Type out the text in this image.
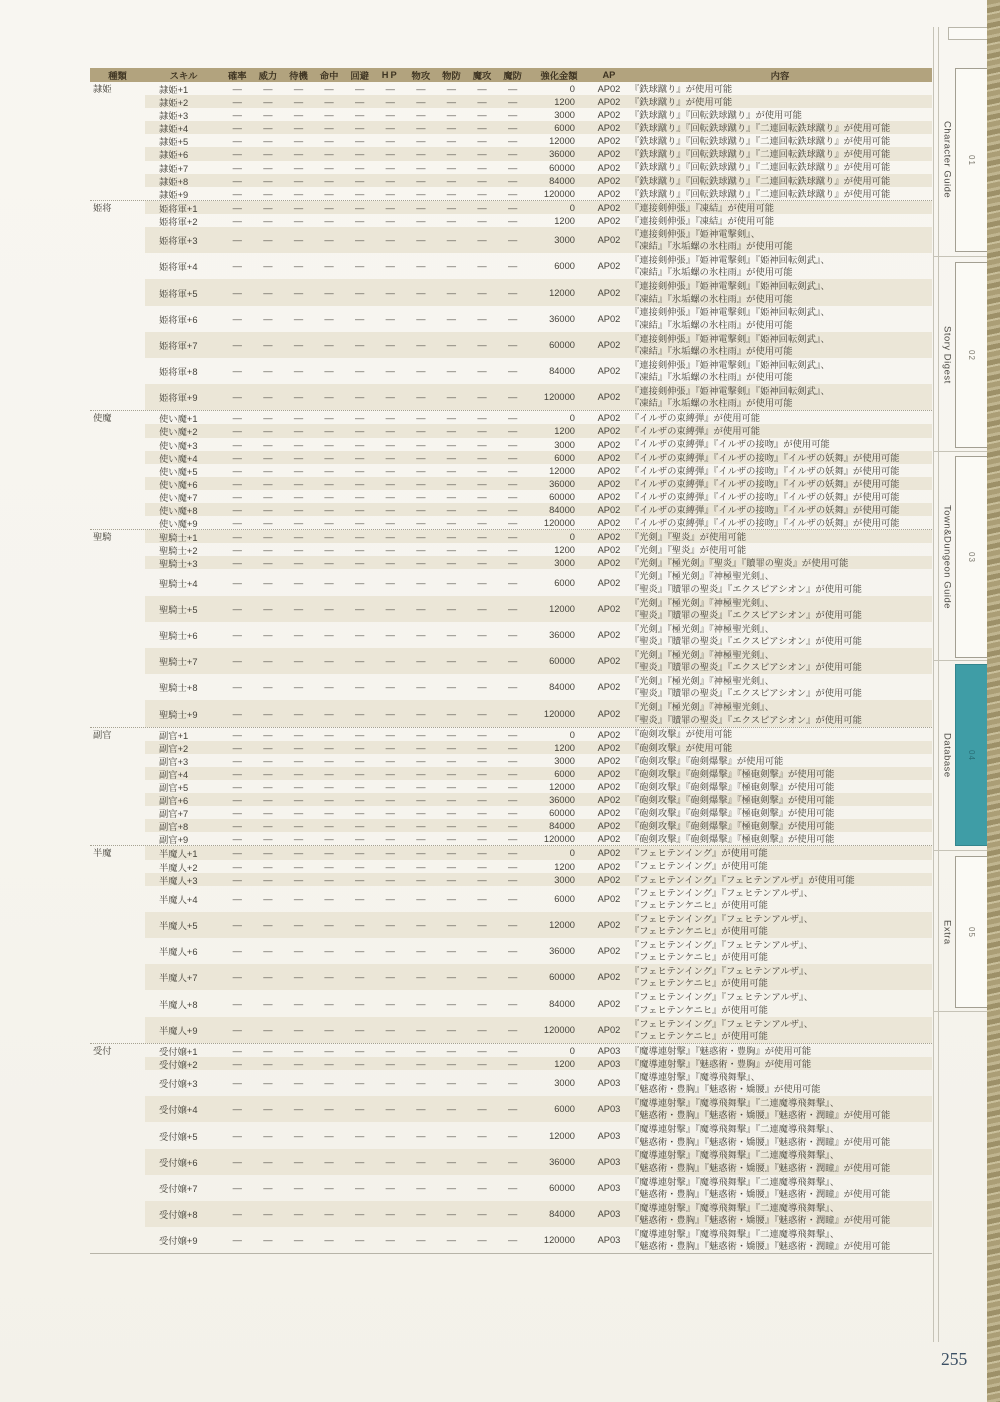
種類	スキル	確率	威力	待機	命中	回避	HP	物攻	物防	魔攻	魔防	強化金額	AP	内容
隷姫	隷姫+1	—	—	—	—	—	—	—	—	—	—	0	AP02	『鉄球蹴り』が使用可能
隷姫+2	—	—	—	—	—	—	—	—	—	—	1200	AP02	『鉄球蹴り』が使用可能
隷姫+3	—	—	—	—	—	—	—	—	—	—	3000	AP02	『鉄球蹴り』『回転鉄球蹴り』が使用可能
隷姫+4	—	—	—	—	—	—	—	—	—	—	6000	AP02	『鉄球蹴り』『回転鉄球蹴り』『二連回転鉄球蹴り』が使用可能
隷姫+5	—	—	—	—	—	—	—	—	—	—	12000	AP02	『鉄球蹴り』『回転鉄球蹴り』『二連回転鉄球蹴り』が使用可能
隷姫+6	—	—	—	—	—	—	—	—	—	—	36000	AP02	『鉄球蹴り』『回転鉄球蹴り』『二連回転鉄球蹴り』が使用可能
隷姫+7	—	—	—	—	—	—	—	—	—	—	60000	AP02	『鉄球蹴り』『回転鉄球蹴り』『二連回転鉄球蹴り』が使用可能
隷姫+8	—	—	—	—	—	—	—	—	—	—	84000	AP02	『鉄球蹴り』『回転鉄球蹴り』『二連回転鉄球蹴り』が使用可能
隷姫+9	—	—	—	—	—	—	—	—	—	—	120000	AP02	『鉄球蹴り』『回転鉄球蹴り』『二連回転鉄球蹴り』が使用可能
姫将	姫将軍+1	—	—	—	—	—	—	—	—	—	—	0	AP02	『連接剣伸張』『凍結』が使用可能
姫将軍+2	—	—	—	—	—	—	—	—	—	—	1200	AP02	『連接剣伸張』『凍結』が使用可能
姫将軍+3	—	—	—	—	—	—	—	—	—	—	3000	AP02
『連接剣伸張』『姫神電撃剣』、
『凍結』『氷垢螺の氷柱雨』が使用可能
姫将軍+4	—	—	—	—	—	—	—	—	—	—	6000	AP02
『連接剣伸張』『姫神電撃剣』『姫神回転剣武』、
『凍結』『氷垢螺の氷柱雨』が使用可能
姫将軍+5	—	—	—	—	—	—	—	—	—	—	12000	AP02
『連接剣伸張』『姫神電撃剣』『姫神回転剣武』、
『凍結』『氷垢螺の氷柱雨』が使用可能
姫将軍+6	—	—	—	—	—	—	—	—	—	—	36000	AP02
『連接剣伸張』『姫神電撃剣』『姫神回転剣武』、
『凍結』『氷垢螺の氷柱雨』が使用可能
姫将軍+7	—	—	—	—	—	—	—	—	—	—	60000	AP02
『連接剣伸張』『姫神電撃剣』『姫神回転剣武』、
『凍結』『氷垢螺の氷柱雨』が使用可能
姫将軍+8	—	—	—	—	—	—	—	—	—	—	84000	AP02
『連接剣伸張』『姫神電撃剣』『姫神回転剣武』、
『凍結』『氷垢螺の氷柱雨』が使用可能
姫将軍+9	—	—	—	—	—	—	—	—	—	—	120000	AP02
『連接剣伸張』『姫神電撃剣』『姫神回転剣武』、
『凍結』『氷垢螺の氷柱雨』が使用可能
使魔	使い魔+1	—	—	—	—	—	—	—	—	—	—	0	AP02	『イルザの束縛弾』が使用可能
使い魔+2	—	—	—	—	—	—	—	—	—	—	1200	AP02	『イルザの束縛弾』が使用可能
使い魔+3	—	—	—	—	—	—	—	—	—	—	3000	AP02	『イルザの束縛弾』『イルザの接吻』が使用可能
使い魔+4	—	—	—	—	—	—	—	—	—	—	6000	AP02	『イルザの束縛弾』『イルザの接吻』『イルザの妖舞』が使用可能
使い魔+5	—	—	—	—	—	—	—	—	—	—	12000	AP02	『イルザの束縛弾』『イルザの接吻』『イルザの妖舞』が使用可能
使い魔+6	—	—	—	—	—	—	—	—	—	—	36000	AP02	『イルザの束縛弾』『イルザの接吻』『イルザの妖舞』が使用可能
使い魔+7	—	—	—	—	—	—	—	—	—	—	60000	AP02	『イルザの束縛弾』『イルザの接吻』『イルザの妖舞』が使用可能
使い魔+8	—	—	—	—	—	—	—	—	—	—	84000	AP02	『イルザの束縛弾』『イルザの接吻』『イルザの妖舞』が使用可能
使い魔+9	—	—	—	—	—	—	—	—	—	—	120000	AP02	『イルザの束縛弾』『イルザの接吻』『イルザの妖舞』が使用可能
聖騎	聖騎士+1	—	—	—	—	—	—	—	—	—	—	0	AP02	『光剣』『聖炎』が使用可能
聖騎士+2	—	—	—	—	—	—	—	—	—	—	1200	AP02	『光剣』『聖炎』が使用可能
聖騎士+3	—	—	—	—	—	—	—	—	—	—	3000	AP02	『光剣』『極光剣』『聖炎』『贖罪の聖炎』が使用可能
聖騎士+4	—	—	—	—	—	—	—	—	—	—	6000	AP02
『光剣』『極光剣』『神極聖光剣』、
『聖炎』『贖罪の聖炎』『エクスピアシオン』が使用可能
聖騎士+5	—	—	—	—	—	—	—	—	—	—	12000	AP02
『光剣』『極光剣』『神極聖光剣』、
『聖炎』『贖罪の聖炎』『エクスピアシオン』が使用可能
聖騎士+6	—	—	—	—	—	—	—	—	—	—	36000	AP02
『光剣』『極光剣』『神極聖光剣』、
『聖炎』『贖罪の聖炎』『エクスピアシオン』が使用可能
聖騎士+7	—	—	—	—	—	—	—	—	—	—	60000	AP02
『光剣』『極光剣』『神極聖光剣』、
『聖炎』『贖罪の聖炎』『エクスピアシオン』が使用可能
聖騎士+8	—	—	—	—	—	—	—	—	—	—	84000	AP02
『光剣』『極光剣』『神極聖光剣』、
『聖炎』『贖罪の聖炎』『エクスピアシオン』が使用可能
聖騎士+9	—	—	—	—	—	—	—	—	—	—	120000	AP02
『光剣』『極光剣』『神極聖光剣』、
『聖炎』『贖罪の聖炎』『エクスピアシオン』が使用可能
副官	副官+1	—	—	—	—	—	—	—	—	—	—	0	AP02	『砲剣攻撃』が使用可能
副官+2	—	—	—	—	—	—	—	—	—	—	1200	AP02	『砲剣攻撃』が使用可能
副官+3	—	—	—	—	—	—	—	—	—	—	3000	AP02	『砲剣攻撃』『砲剣爆撃』が使用可能
副官+4	—	—	—	—	—	—	—	—	—	—	6000	AP02	『砲剣攻撃』『砲剣爆撃』『極砲剣撃』が使用可能
副官+5	—	—	—	—	—	—	—	—	—	—	12000	AP02	『砲剣攻撃』『砲剣爆撃』『極砲剣撃』が使用可能
副官+6	—	—	—	—	—	—	—	—	—	—	36000	AP02	『砲剣攻撃』『砲剣爆撃』『極砲剣撃』が使用可能
副官+7	—	—	—	—	—	—	—	—	—	—	60000	AP02	『砲剣攻撃』『砲剣爆撃』『極砲剣撃』が使用可能
副官+8	—	—	—	—	—	—	—	—	—	—	84000	AP02	『砲剣攻撃』『砲剣爆撃』『極砲剣撃』が使用可能
副官+9	—	—	—	—	—	—	—	—	—	—	120000	AP02	『砲剣攻撃』『砲剣爆撃』『極砲剣撃』が使用可能
半魔	半魔人+1	—	—	—	—	—	—	—	—	—	—	0	AP02	『フェヒテンイング』が使用可能
半魔人+2	—	—	—	—	—	—	—	—	—	—	1200	AP02	『フェヒテンイング』が使用可能
半魔人+3	—	—	—	—	—	—	—	—	—	—	3000	AP02	『フェヒテンイング』『フェヒテンアルザ』が使用可能
半魔人+4	—	—	—	—	—	—	—	—	—	—	6000	AP02
『フェヒテンイング』『フェヒテンアルザ』、
『フェヒテンケニヒ』が使用可能
半魔人+5	—	—	—	—	—	—	—	—	—	—	12000	AP02
『フェヒテンイング』『フェヒテンアルザ』、
『フェヒテンケニヒ』が使用可能
半魔人+6	—	—	—	—	—	—	—	—	—	—	36000	AP02
『フェヒテンイング』『フェヒテンアルザ』、
『フェヒテンケニヒ』が使用可能
半魔人+7	—	—	—	—	—	—	—	—	—	—	60000	AP02
『フェヒテンイング』『フェヒテンアルザ』、
『フェヒテンケニヒ』が使用可能
半魔人+8	—	—	—	—	—	—	—	—	—	—	84000	AP02
『フェヒテンイング』『フェヒテンアルザ』、
『フェヒテンケニヒ』が使用可能
半魔人+9	—	—	—	—	—	—	—	—	—	—	120000	AP02
『フェヒテンイング』『フェヒテンアルザ』、
『フェヒテンケニヒ』が使用可能
受付	受付嬢+1	—	—	—	—	—	—	—	—	—	—	0	AP03	『魔導連射撃』『魅惑術・豊胸』が使用可能
受付嬢+2	—	—	—	—	—	—	—	—	—	—	1200	AP03	『魔導連射撃』『魅惑術・豊胸』が使用可能
受付嬢+3	—	—	—	—	—	—	—	—	—	—	3000	AP03
『魔導連射撃』『魔導飛舞撃』、
『魅惑術・豊胸』『魅惑術・嬌腰』が使用可能
受付嬢+4	—	—	—	—	—	—	—	—	—	—	6000	AP03
『魔導連射撃』『魔導飛舞撃』『二連魔導飛舞撃』、
『魅惑術・豊胸』『魅惑術・嬌腰』『魅惑術・潤瞳』が使用可能
受付嬢+5	—	—	—	—	—	—	—	—	—	—	12000	AP03
『魔導連射撃』『魔導飛舞撃』『二連魔導飛舞撃』、
『魅惑術・豊胸』『魅惑術・嬌腰』『魅惑術・潤瞳』が使用可能
受付嬢+6	—	—	—	—	—	—	—	—	—	—	36000	AP03
『魔導連射撃』『魔導飛舞撃』『二連魔導飛舞撃』、
『魅惑術・豊胸』『魅惑術・嬌腰』『魅惑術・潤瞳』が使用可能
受付嬢+7	—	—	—	—	—	—	—	—	—	—	60000	AP03
『魔導連射撃』『魔導飛舞撃』『二連魔導飛舞撃』、
『魅惑術・豊胸』『魅惑術・嬌腰』『魅惑術・潤瞳』が使用可能
受付嬢+8	—	—	—	—	—	—	—	—	—	—	84000	AP03
『魔導連射撃』『魔導飛舞撃』『二連魔導飛舞撃』、
『魅惑術・豊胸』『魅惑術・嬌腰』『魅惑術・潤瞳』が使用可能
受付嬢+9	—	—	—	—	—	—	—	—	—	—	120000	AP03
『魔導連射撃』『魔導飛舞撃』『二連魔導飛舞撃』、
『魅惑術・豊胸』『魅惑術・嬌腰』『魅惑術・潤瞳』が使用可能
Character Guide	01
Story Digest	02
Town&Dungeon Guide	03
Database	04
Extra	05
255
